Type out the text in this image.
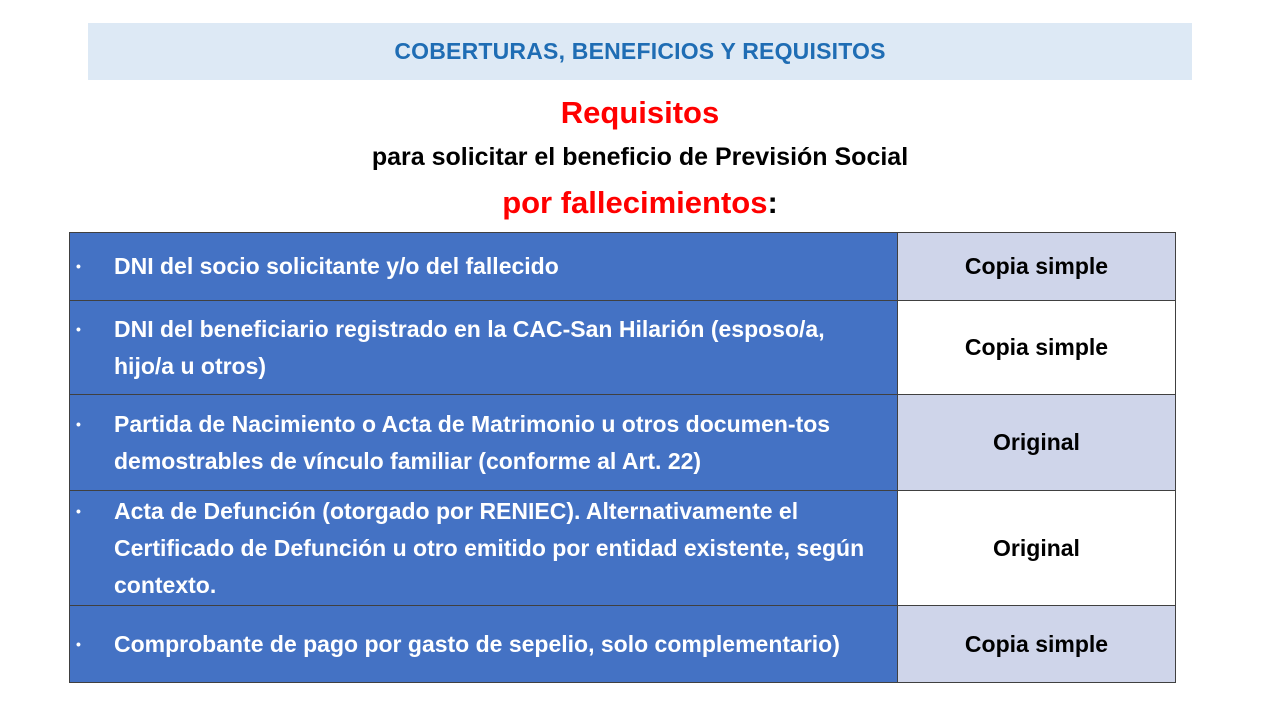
COBERTURAS, BENEFICIOS Y REQUISITOS
Requisitos
para solicitar el beneficio de Previsión Social
por fallecimientos:
• DNI del socio solicitante y/o del fallecido	Copia simple

• DNI del beneficiario registrado en la CAC-San Hilarión (esposo/a, hijo/a u otros)	Copia simple

• Partida de Nacimiento o Acta de Matrimonio u otros documen-tos demostrables de vínculo familiar (conforme al Art. 22)	Original

• Acta de Defunción (otorgado por RENIEC). Alternativamente el Certificado de Defunción u otro emitido por entidad existente, según contexto.	Original

• Comprobante de pago por gasto de sepelio, solo complementario)	Copia simple
